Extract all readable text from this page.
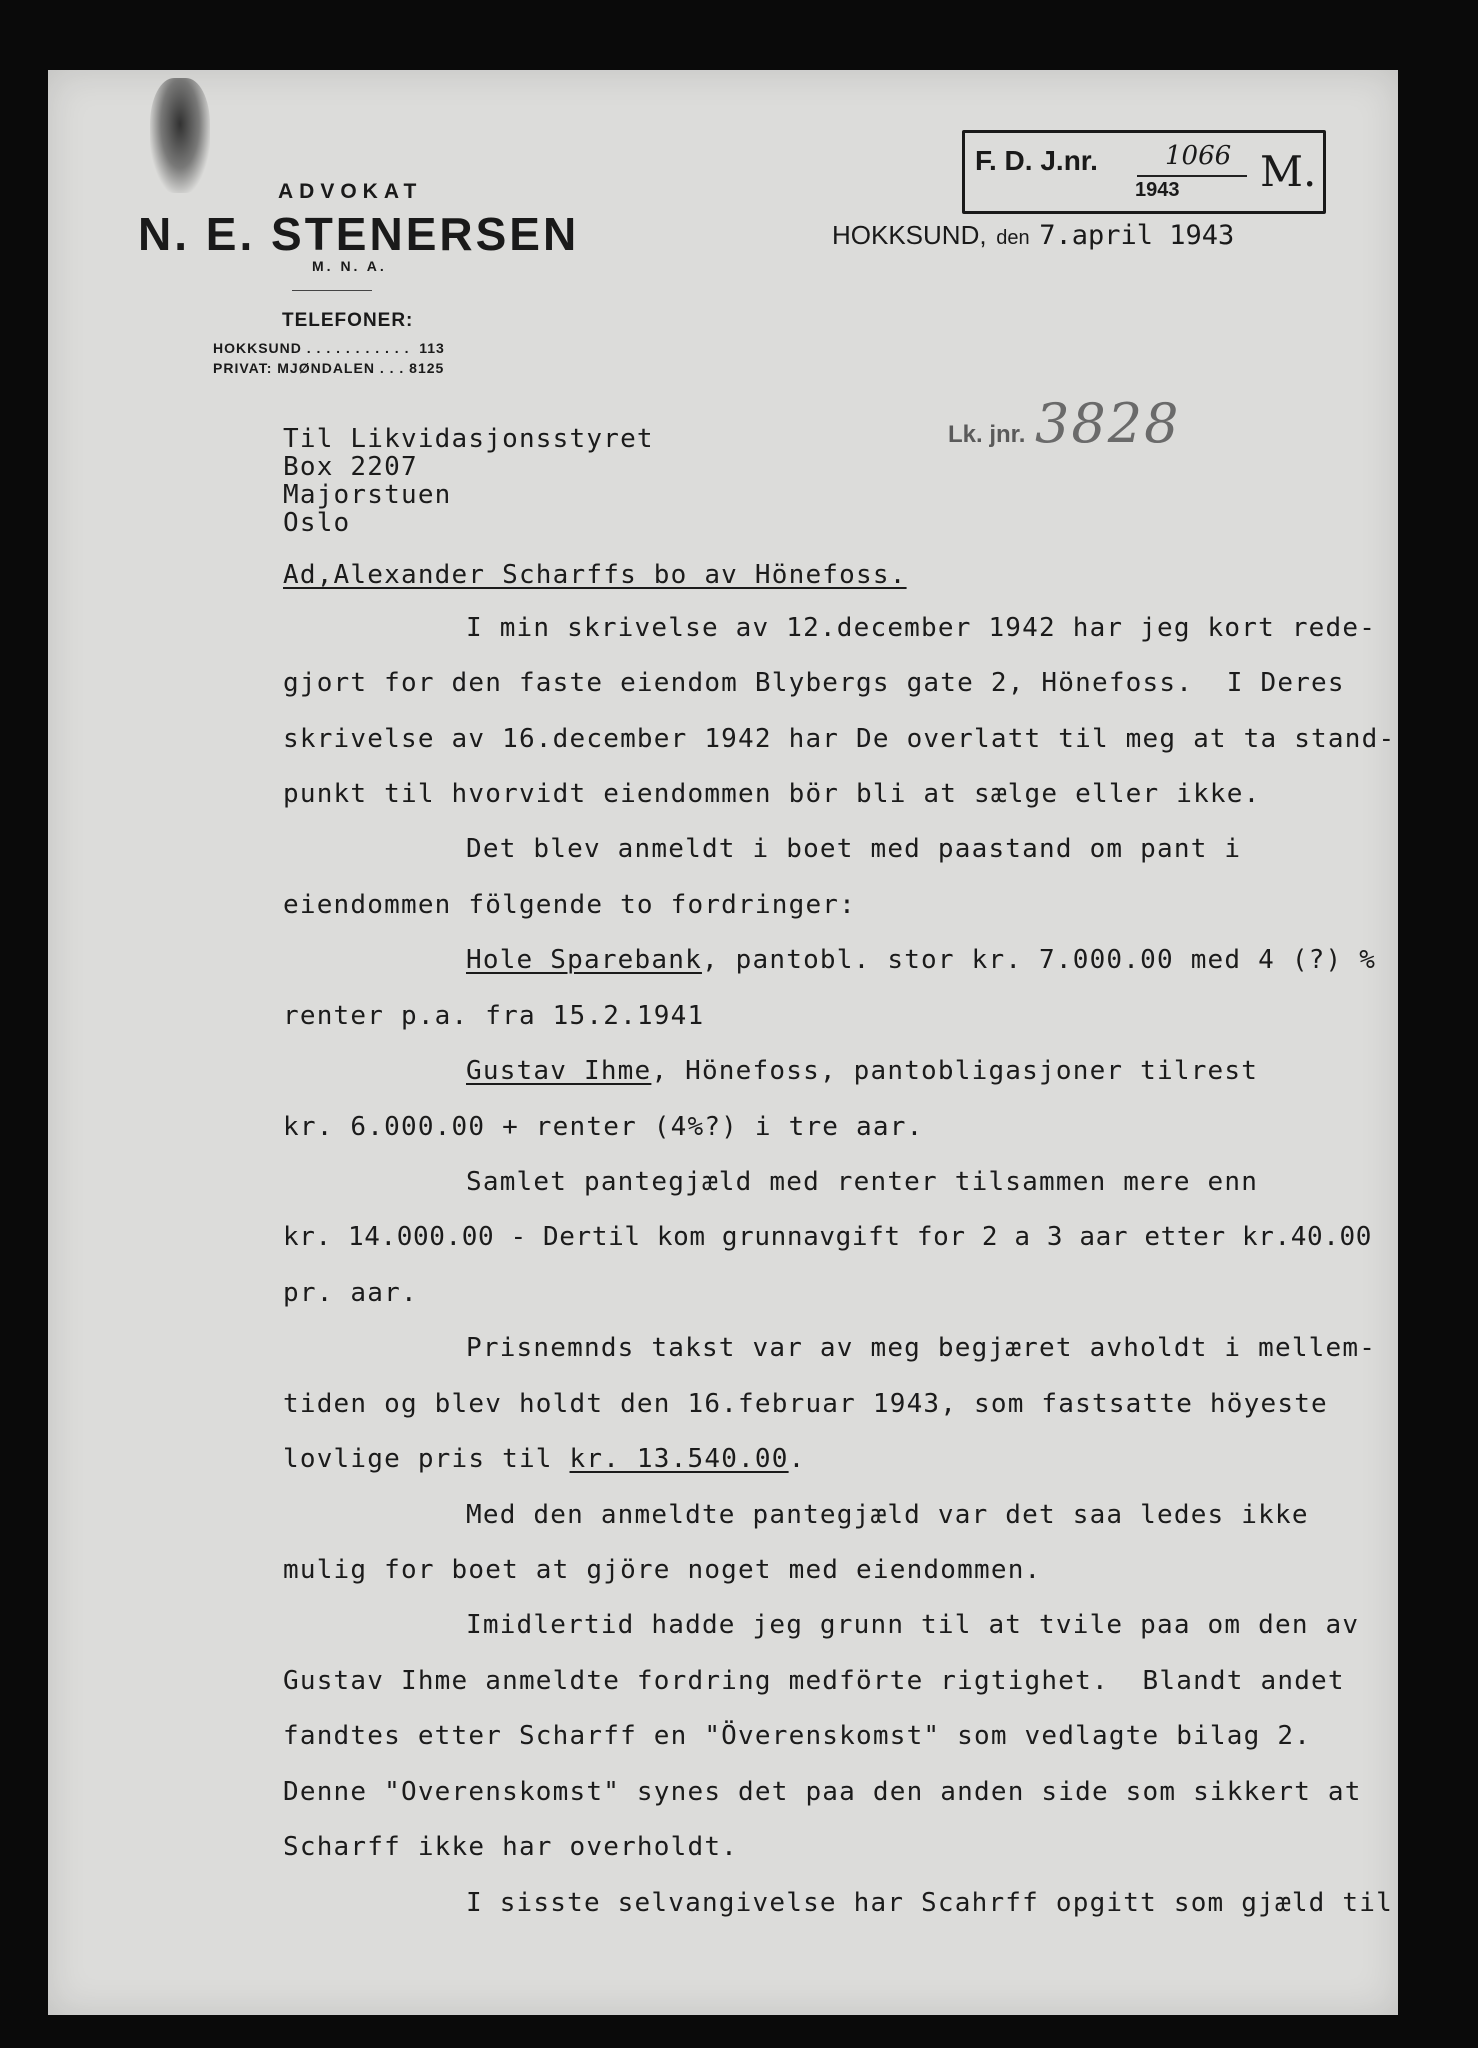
ADVOKAT
N. E. STENERSEN
M. N. A.
TELEFONER:
HOKKSUND . . . . . . . . . . .  113
PRIVAT: MJØNDALEN . . . 8125
F. D. J.nr.	1066
1943 M.
HOKKSUND, den 7.april 1943
Lk. jnr. 3828
Til Likvidasjonsstyret
Box 2207
Majorstuen
Oslo
Ad,Alexander Scharffs bo av Hönefoss.
I min skrivelse av 12.december 1942 har jeg kort rede-
gjort for den faste eiendom Blybergs gate 2, Hönefoss.  I Deres
skrivelse av 16.december 1942 har De overlatt til meg at ta stand-
punkt til hvorvidt eiendommen bör bli at sælge eller ikke.
Det blev anmeldt i boet med paastand om pant i
eiendommen fölgende to fordringer:
Hole Sparebank, pantobl. stor kr. 7.000.00 med 4 (?) %
renter p.a. fra 15.2.1941
Gustav Ihme, Hönefoss, pantobligasjoner tilrest
kr. 6.000.00 + renter (4%?) i tre aar.
Samlet pantegjæld med renter tilsammen mere enn
kr. 14.000.00 - Dertil kom grunnavgift for 2 a 3 aar etter kr.40.00
pr. aar.
Prisnemnds takst var av meg begjæret avholdt i mellem-
tiden og blev holdt den 16.februar 1943, som fastsatte höyeste
lovlige pris til kr. 13.540.00.
Med den anmeldte pantegjæld var det saa ledes ikke
mulig for boet at gjöre noget med eiendommen.
Imidlertid hadde jeg grunn til at tvile paa om den av
Gustav Ihme anmeldte fordring medförte rigtighet.  Blandt andet
fandtes etter Scharff en "Överenskomst" som vedlagte bilag 2.
Denne "Overenskomst" synes det paa den anden side som sikkert at
Scharff ikke har overholdt.
I sisste selvangivelse har Scahrff opgitt som gjæld til
